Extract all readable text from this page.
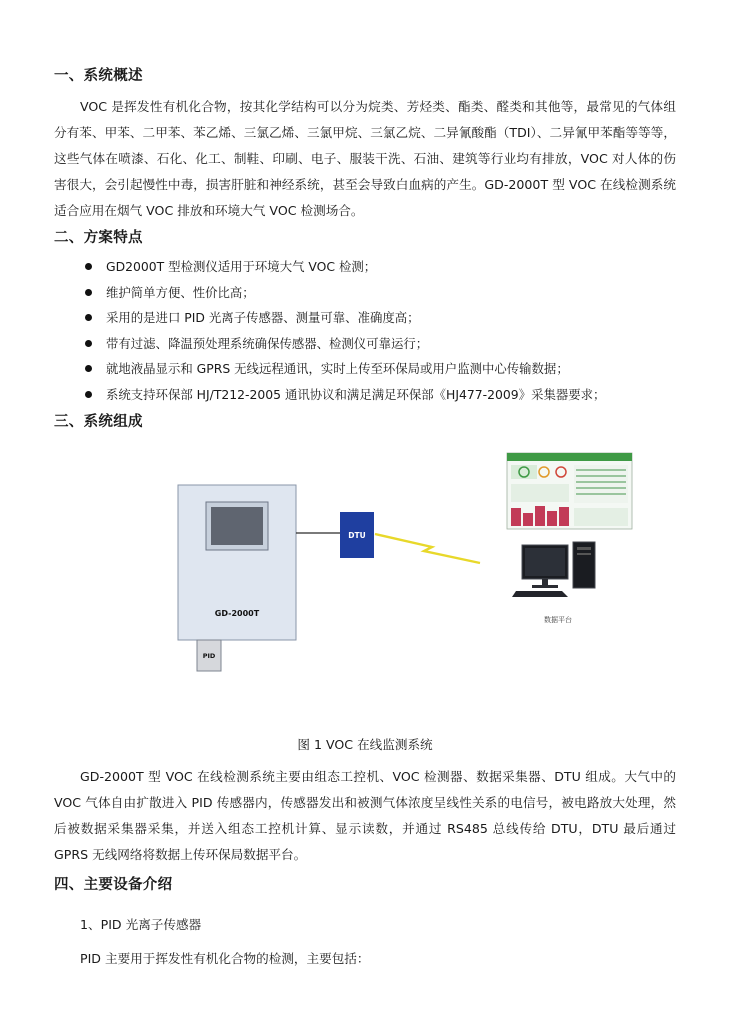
一、系统概述

VOC 是挥发性有机化合物，按其化学结构可以分为烷类、芳烃类、酯类、醛类和其他等，最常见的气体组分有苯、甲苯、二甲苯、苯乙烯、三氯乙烯、三氯甲烷、三氯乙烷、二异氰酸酯（TDI）、二异氰甲苯酯等等等，这些气体在喷漆、石化、化工、制鞋、印刷、电子、服装干洗、石油、建筑等行业均有排放，VOC 对人体的伤害很大，会引起慢性中毒，损害肝脏和神经系统，甚至会导致白血病的产生。GD-2000T 型 VOC 在线检测系统适合应用在烟气 VOC 排放和环境大气 VOC 检测场合。

二、方案特点
GD2000T 型检测仪适用于环境大气 VOC 检测；
维护简单方便、性价比高；
采用的是进口 PID 光离子传感器、测量可靠、准确度高；
带有过滤、降温预处理系统确保传感器、检测仪可靠运行；
就地液晶显示和 GPRS 无线远程通讯，实时上传至环保局或用户监测中心传输数据；
系统支持环保部 HJ/T212-2005 通讯协议和满足满足环保部《HJ477-2009》采集器要求；
三、系统组成
GD-2000T
PID
DTU
数据平台
图 1 VOC 在线监测系统

GD-2000T 型 VOC 在线检测系统主要由组态工控机、VOC 检测器、数据采集器、DTU 组成。大气中的 VOC 气体自由扩散进入 PID 传感器内，传感器发出和被测气体浓度呈线性关系的电信号，被电路放大处理，然后被数据采集器采集，并送入组态工控机计算、显示读数，并通过 RS485 总线传给 DTU，DTU 最后通过 GPRS 无线网络将数据上传环保局数据平台。

四、主要设备介绍
1、PID 光离子传感器
PID 主要用于挥发性有机化合物的检测，主要包括：
